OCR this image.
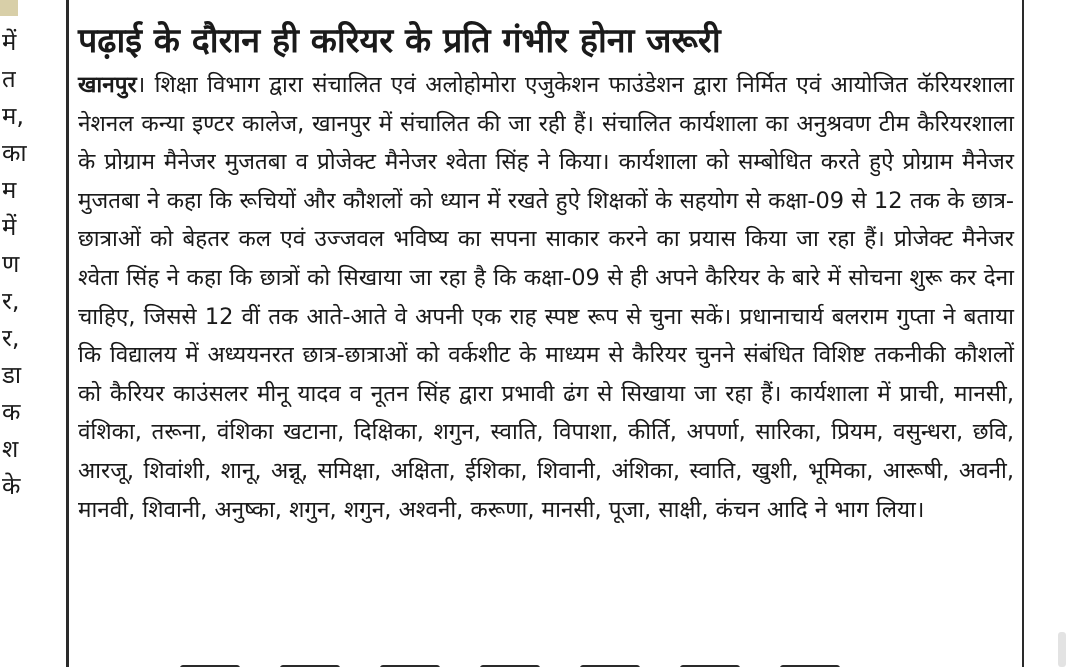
में
त
म,
का
म
में
ण
र,
र,
डा
क
श
के
पढ़ाई के दौरान ही करियर के प्रति गंभीर होना जरूरी

खानपुर। शिक्षा विभाग द्वारा संचालित एवं अलोहोमोरा एजुकेशन फाउंडेशन द्वारा निर्मित एवं आयोजित कॅरियरशाला नेशनल कन्या इण्टर कालेज, खानपुर में संचालित की जा रही हैं। संचालित कार्यशाला का अनुश्रवण टीम कैरियरशाला के प्रोग्राम मैनेजर मुजतबा व प्रोजेक्ट मैनेजर श्वेता सिंह ने किया। कार्यशाला को सम्बोधित करते हुऐ प्रोग्राम मैनेजर मुजतबा ने कहा कि रूचियों और कौशलों को ध्यान में रखते हुऐ शिक्षकों के सहयोग से कक्षा-09 से 12 तक के छात्र-छात्राओं को बेहतर कल एवं उज्जवल भविष्य का सपना साकार करने का प्रयास किया जा रहा हैं। प्रोजेक्ट मैनेजर श्वेता सिंह ने कहा कि छात्रों को सिखाया जा रहा है कि कक्षा-09 से ही अपने कैरियर के बारे में सोचना शुरू कर देना चाहिए, जिससे 12 वीं तक आते-आते वे अपनी एक राह स्पष्ट रूप से चुना सकें। प्रधानाचार्य बलराम गुप्ता ने बताया कि विद्यालय में अध्ययनरत छात्र-छात्राओं को वर्कशीट के माध्यम से कैरियर चुनने संबंधित विशिष्ट तकनीकी कौशलों को कैरियर काउंसलर मीनू यादव व नूतन सिंह द्वारा प्रभावी ढंग से सिखाया जा रहा हैं। कार्यशाला में प्राची, मानसी, वंशिका, तरूना, वंशिका खटाना, दिक्षिका, शगुन, स्वाति, विपाशा, कीर्ति, अपर्णा, सारिका, प्रियम, वसुन्धरा, छवि, आरजू, शिवांशी, शानू, अन्नू, समिक्षा, अक्षिता, ईशिका, शिवानी, अंशिका, स्वाति, खुशी, भूमिका, आरूषी, अवनी, मानवी, शिवानी, अनुष्का, शगुन, शगुन, अश्वनी, करूणा, मानसी, पूजा, साक्षी, कंचन आदि ने भाग लिया।
